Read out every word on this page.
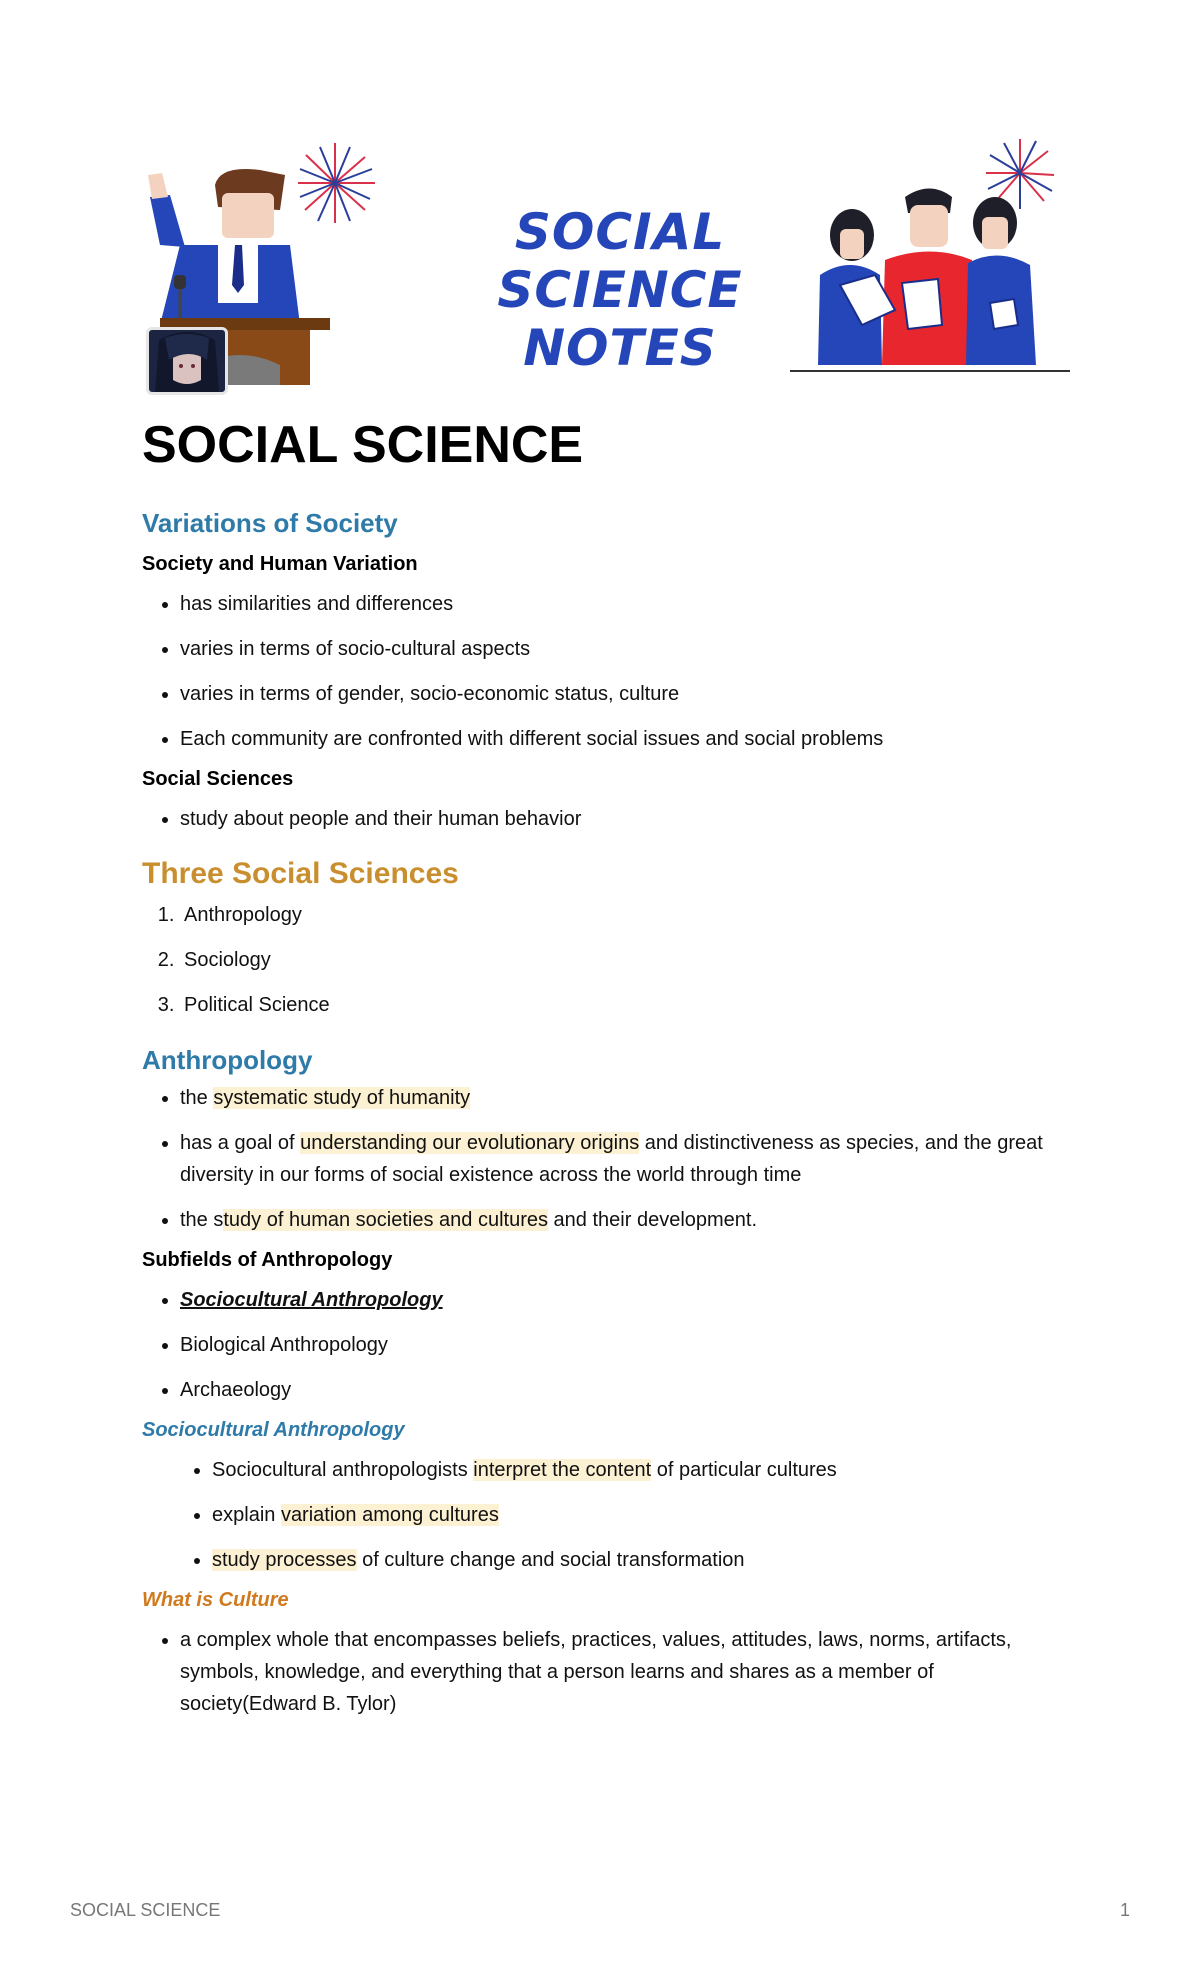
SOCIAL SCIENCE
NOTES
SOCIAL SCIENCE
Variations of Society
Society and Human Variation
• has similarities and differences
• varies in terms of socio-cultural aspects
• varies in terms of gender, socio-economic status, culture
• Each community are confronted with different social issues and social problems
Social Sciences
• study about people and their human behavior
Three Social Sciences
1. Anthropology
2. Sociology
3. Political Science
Anthropology
• the systematic study of humanity
• has a goal of understanding our evolutionary origins and distinctiveness as species, and the great diversity in our forms of social existence across the world through time
• the study of human societies and cultures and their development.
Subfields of Anthropology
• Sociocultural Anthropology
• Biological Anthropology
• Archaeology
Sociocultural Anthropology
• Sociocultural anthropologists interpret the content of particular cultures
• explain variation among cultures
• study processes of culture change and social transformation
What is Culture
• a complex whole that encompasses beliefs, practices, values, attitudes, laws, norms, artifacts, symbols, knowledge, and everything that a person learns and shares as a member of society(Edward B. Tylor)
SOCIAL SCIENCE	1
